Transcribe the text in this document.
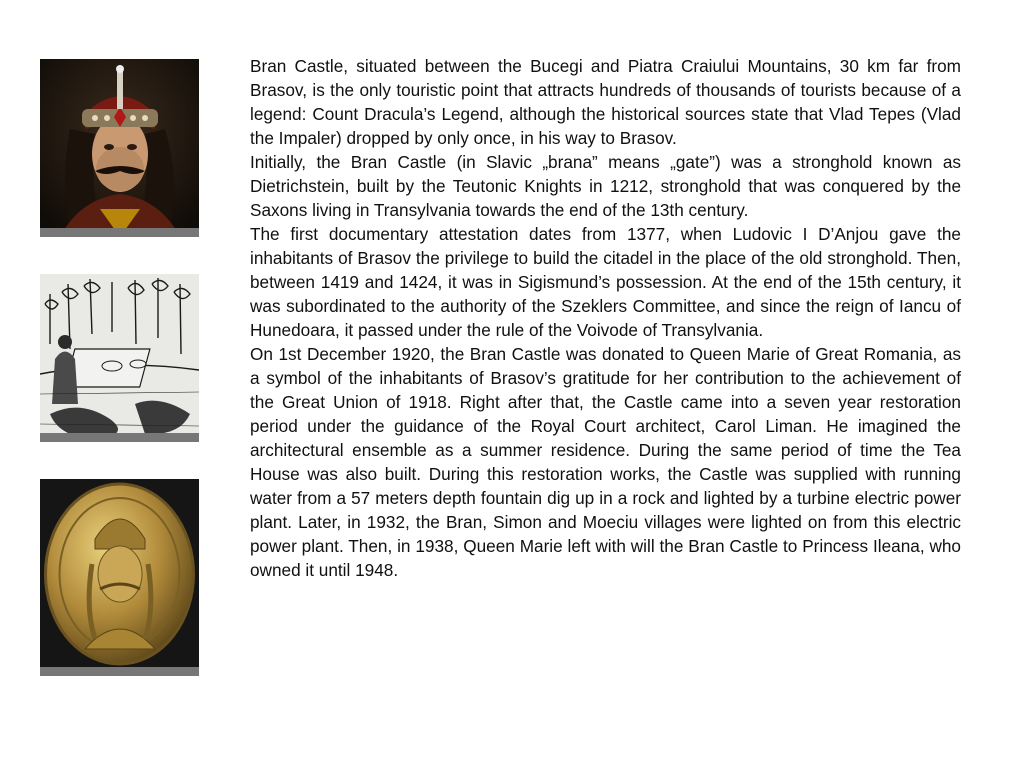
Bran Castle, situated between the Bucegi and Piatra Craiului Mountains, 30 km far from Brasov, is the only touristic point that attracts hundreds of thousands of tourists because of a legend: Count Dracula’s Legend, although the historical sources state that Vlad Tepes (Vlad the Impaler) dropped by only once, in his way to Brasov.

Initially, the Bran Castle (in Slavic „brana” means „gate”) was a stronghold known as Dietrichstein, built by the Teutonic Knights in 1212, stronghold that was conquered by the Saxons living in Transylvania towards the end of the 13th century.

The first documentary attestation dates from 1377, when Ludovic I D’Anjou gave the inhabitants of Brasov the privilege to build the citadel in the place of the old stronghold. Then, between 1419 and 1424, it was in Sigismund’s possession. At the end of the 15th century, it was subordinated to the authority of the Szeklers Committee, and since the reign of Iancu of Hunedoara, it passed under the rule of the Voivode of Transylvania.

On 1st December 1920, the Bran Castle was donated to Queen Marie of Great Romania, as a symbol of the inhabitants of Brasov’s gratitude for her contribution to the achievement of the Great Union of 1918. Right after that, the Castle came into a seven year restoration period under the guidance of the Royal Court architect, Carol Liman. He imagined the architectural ensemble as a summer residence. During the same period of time the Tea House was also built. During this restoration works, the Castle was supplied with running water from a 57 meters depth fountain dig up in a rock and lighted by a turbine electric power plant. Later, in 1932, the Bran, Simon and Moeciu villages were lighted on from this electric power plant. Then, in 1938, Queen Marie left with will the Bran Castle to Princess Ileana, who owned it until 1948.
